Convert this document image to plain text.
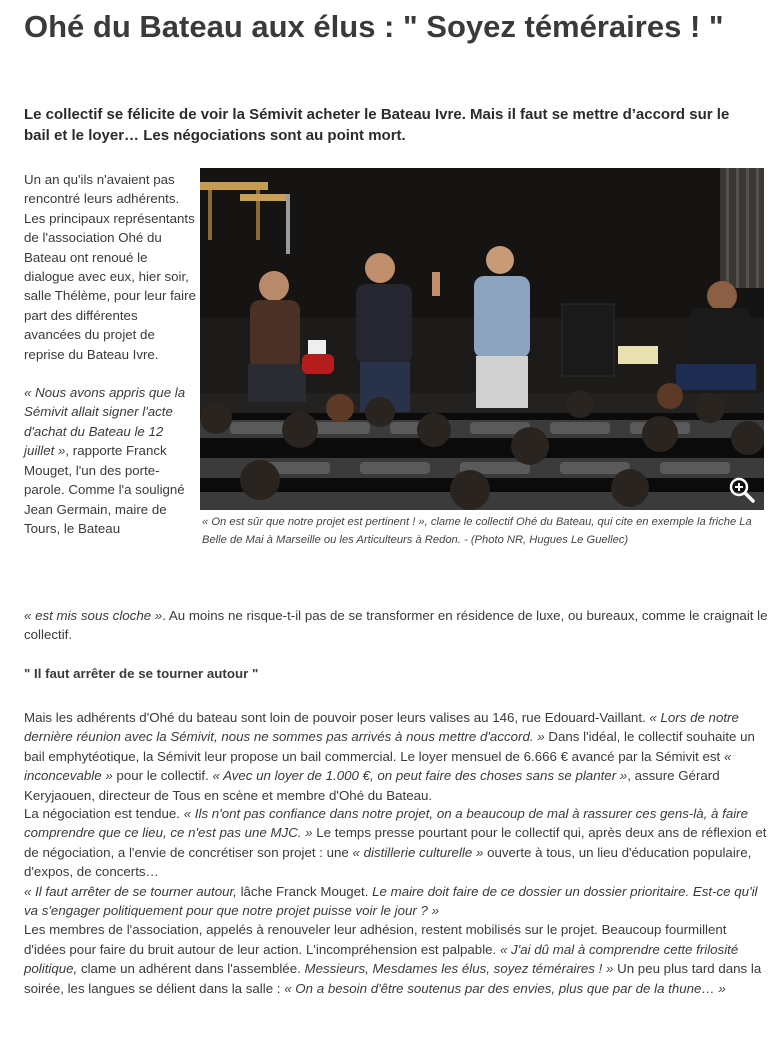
Ohé du Bateau aux élus : " Soyez téméraires ! "

Le collectif se félicite de voir la Sémivit acheter le Bateau Ivre. Mais il faut se mettre d’accord sur le bail et le loyer… Les négociations sont au point mort.

Un an qu'ils n'avaient pas rencontré leurs adhérents. Les principaux représentants de l'association Ohé du Bateau ont renoué le dialogue avec eux, hier soir, salle Thélème, pour leur faire part des différentes avancées du projet de reprise du Bateau Ivre.

« Nous avons appris que la Sémivit allait signer l'acte d'achat du Bateau le 12 juillet », rapporte Franck Mouget, l'un des porte-parole. Comme l'a souligné Jean Germain, maire de Tours, le Bateau	« On est sûr que notre projet est pertinent ! », clame le collectif Ohé du Bateau, qui cite en exemple la friche La Belle de Mai à Marseille ou les Articulteurs à Redon. - (Photo NR, Hugues Le Guellec)

« est mis sous cloche ». Au moins ne risque-t-il pas de se transformer en résidence de luxe, ou bureaux, comme le craignait le collectif.

" Il faut arrêter de se tourner autour "

Mais les adhérents d'Ohé du bateau sont loin de pouvoir poser leurs valises au 146, rue Edouard-Vaillant. « Lors de notre dernière réunion avec la Sémivit, nous ne sommes pas arrivés à nous mettre d'accord. » Dans l'idéal, le collectif souhaite un bail emphytéotique, la Sémivit leur propose un bail commercial. Le loyer mensuel de 6.666 € avancé par la Sémivit est « inconcevable » pour le collectif. « Avec un loyer de 1.000 €, on peut faire des choses sans se planter », assure Gérard Keryjaouen, directeur de Tous en scène et membre d'Ohé du Bateau.

La négociation est tendue. « Ils n'ont pas confiance dans notre projet, on a beaucoup de mal à rassurer ces gens-là, à faire comprendre que ce lieu, ce n'est pas une MJC. » Le temps presse pourtant pour le collectif qui, après deux ans de réflexion et de négociation, a l'envie de concrétiser son projet : une « distillerie culturelle » ouverte à tous, un lieu d'éducation populaire, d'expos, de concerts…

« Il faut arrêter de se tourner autour, lâche Franck Mouget. Le maire doit faire de ce dossier un dossier prioritaire. Est-ce qu'il va s'engager politiquement pour que notre projet puisse voir le jour ? »

Les membres de l'association, appelés à renouveler leur adhésion, restent mobilisés sur le projet. Beaucoup fourmillent d'idées pour faire du bruit autour de leur action. L'incompréhension est palpable. « J'ai dû mal à comprendre cette frilosité politique, clame un adhérent dans l'assemblée. Messieurs, Mesdames les élus, soyez téméraires ! » Un peu plus tard dans la soirée, les langues se délient dans la salle : « On a besoin d'être soutenus par des envies, plus que par de la thune… »
